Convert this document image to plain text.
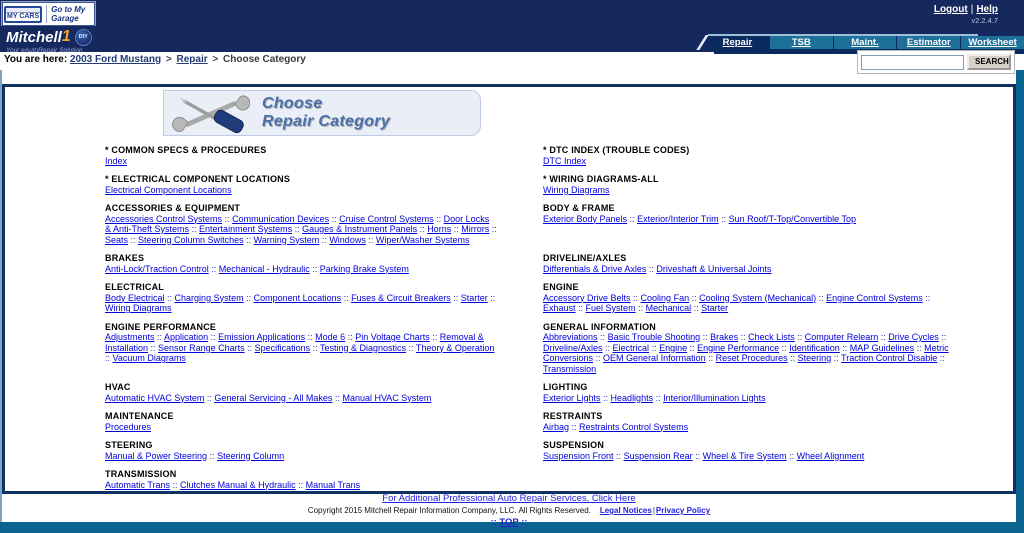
MY CARS
Go to My Garage
Logout | Help
v2.2.4.7
Mitchell 1	DIY
Your eAutoRepair Solution
Repair	TSB	Maint.	Estimator	Worksheet
You are here: 2003 Ford Mustang > Repair > Choose Category	SEARCH
Choose
Repair Category
* COMMON SPECS & PROCEDURES
Index
* DTC INDEX (TROUBLE CODES)
DTC Index
* ELECTRICAL COMPONENT LOCATIONS
Electrical Component Locations
* WIRING DIAGRAMS-ALL
Wiring Diagrams
ACCESSORIES & EQUIPMENT
Accessories Control Systems :: Communication Devices :: Cruise Control Systems :: Door Locks & Anti-Theft Systems :: Entertainment Systems :: Gauges & Instrument Panels :: Horns :: Mirrors :: Seats :: Steering Column Switches :: Warning System :: Windows :: Wiper/Washer Systems
BODY & FRAME
Exterior Body Panels :: Exterior/Interior Trim :: Sun Roof/T-Top/Convertible Top
BRAKES
Anti-Lock/Traction Control :: Mechanical - Hydraulic :: Parking Brake System
DRIVELINE/AXLES
Differentials & Drive Axles :: Driveshaft & Universal Joints
ELECTRICAL
Body Electrical :: Charging System :: Component Locations :: Fuses & Circuit Breakers :: Starter :: Wiring Diagrams
ENGINE
Accessory Drive Belts :: Cooling Fan :: Cooling System (Mechanical) :: Engine Control Systems :: Exhaust :: Fuel System :: Mechanical :: Starter
ENGINE PERFORMANCE
Adjustments :: Application :: Emission Applications :: Mode 6 :: Pin Voltage Charts :: Removal & Installation :: Sensor Range Charts :: Specifications :: Testing & Diagnostics :: Theory & Operation :: Vacuum Diagrams
GENERAL INFORMATION
Abbreviations :: Basic Trouble Shooting :: Brakes :: Check Lists :: Computer Relearn :: Drive Cycles :: Driveline/Axles :: Electrical :: Engine :: Engine Performance :: Identification :: MAP Guidelines :: Metric Conversions :: OEM General Information :: Reset Procedures :: Steering :: Traction Control Disable :: Transmission
HVAC
Automatic HVAC System :: General Servicing - All Makes :: Manual HVAC System
LIGHTING
Exterior Lights :: Headlights :: Interior/Illumination Lights
MAINTENANCE
Procedures
RESTRAINTS
Airbag :: Restraints Control Systems
STEERING
Manual & Power Steering :: Steering Column
SUSPENSION
Suspension Front :: Suspension Rear :: Wheel & Tire System :: Wheel Alignment
TRANSMISSION
Automatic Trans :: Clutches Manual & Hydraulic :: Manual Trans
For Additional Professional Auto Repair Services, Click Here
Copyright 2015 Mitchell Repair Information Company, LLC. All Rights Reserved. Legal Notices|Privacy Policy
:: TOP ::
